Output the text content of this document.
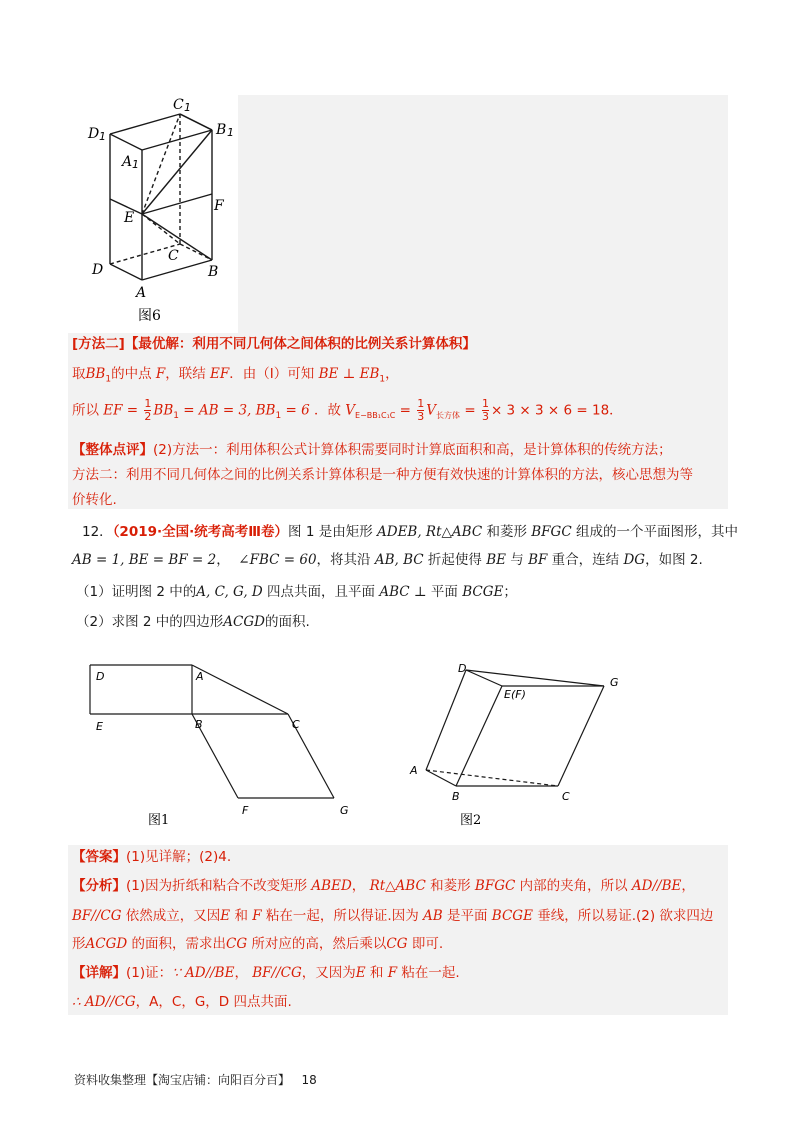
C 1
D 1
A 1
B 1
E
F
D
C
B
A
图6
[方法二]【最优解：利用不同几何体之间体积的比例关系计算体积】
取$BB_1$的中点 F，联结 EF．由（Ⅰ）可知 BE ⊥ $EB_1$，
所以 EF = $\frac{1}{2} BB_1$ = AB = 3, $BB_1 = 6$ ．故 $V_{E-BB_1C_1C} = \frac{1}{3} V_{长方体} = \frac{1}{3} \times 3 \times 3 \times 6 = 18$．
【整体点评】(2)方法一：利用体积公式计算体积需要同时计算底面积和高，是计算体积的传统方法；
方法二：利用不同几何体之间的比例关系计算体积是一种方便有效快速的计算体积的方法，核心思想为等
价转化.
12．（2019·全国·统考高考Ⅲ卷）图 1 是由矩形 ADEB, Rt△ABC 和菱形 BFGC 组成的一个平面图形，其中
AB = 1, BE = BF = 2， ∠FBC = 60，将其沿 AB, BC 折起使得 BE 与 BF 重合，连结 DG，如图 2.
（1）证明图 2 中的A, C, G, D 四点共面，且平面 ABC ⊥ 平面 BCGE；
（2）求图 2 中的四边形ACGD的面积.
D	A
E	B	C
F	G
图1
D
G
E(F)
A
B	C
图2
【答案】(1)见详解；(2)4.
【分析】(1)因为折纸和粘合不改变矩形 ABED， Rt△ABC 和菱形 BFGC 内部的夹角，所以 AD//BE，
BF//CG 依然成立，又因E 和 F 粘在一起，所以得证.因为 AB 是平面 BCGE 垂线，所以易证.(2) 欲求四边
形ACGD 的面积，需求出CG 所对应的高，然后乘以CG 即可.
【详解】(1)证：∵ AD//BE， BF//CG，又因为E 和 F 粘在一起.
∴ AD//CG，A，C，G，D 四点共面.
资料收集整理【淘宝店铺：向阳百分百】 18
